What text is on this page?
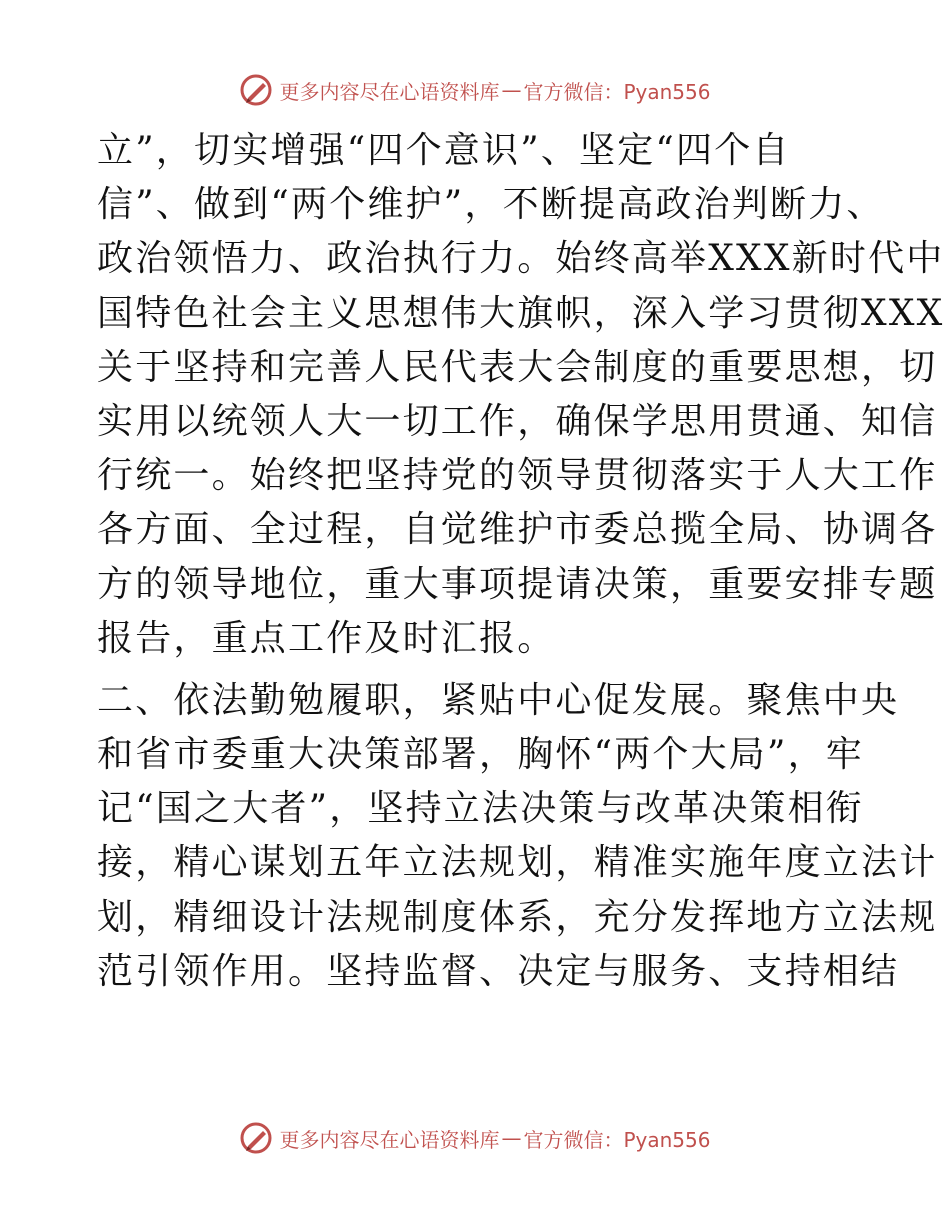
更多内容尽在心语资料库 — 官方微信：Pyan556
立”，切实增强“四个意识”、坚定“四个自
信”、做到“两个维护”，不断提高政治判断力、
政治领悟力、政治执行力。始终高举XXX新时代中
国特色社会主义思想伟大旗帜，深入学习贯彻XXX
关于坚持和完善人民代表大会制度的重要思想，切
实用以统领人大一切工作，确保学思用贯通、知信
行统一。始终把坚持党的领导贯彻落实于人大工作
各方面、全过程，自觉维护市委总揽全局、协调各
方的领导地位，重大事项提请决策，重要安排专题
报告，重点工作及时汇报。
二、依法勤勉履职，紧贴中心促发展。聚焦中央
和省市委重大决策部署，胸怀“两个大局”，牢
记“国之大者”，坚持立法决策与改革决策相衔
接，精心谋划五年立法规划，精准实施年度立法计
划，精细设计法规制度体系，充分发挥地方立法规
范引领作用。坚持监督、决定与服务、支持相结
更多内容尽在心语资料库 — 官方微信：Pyan556
